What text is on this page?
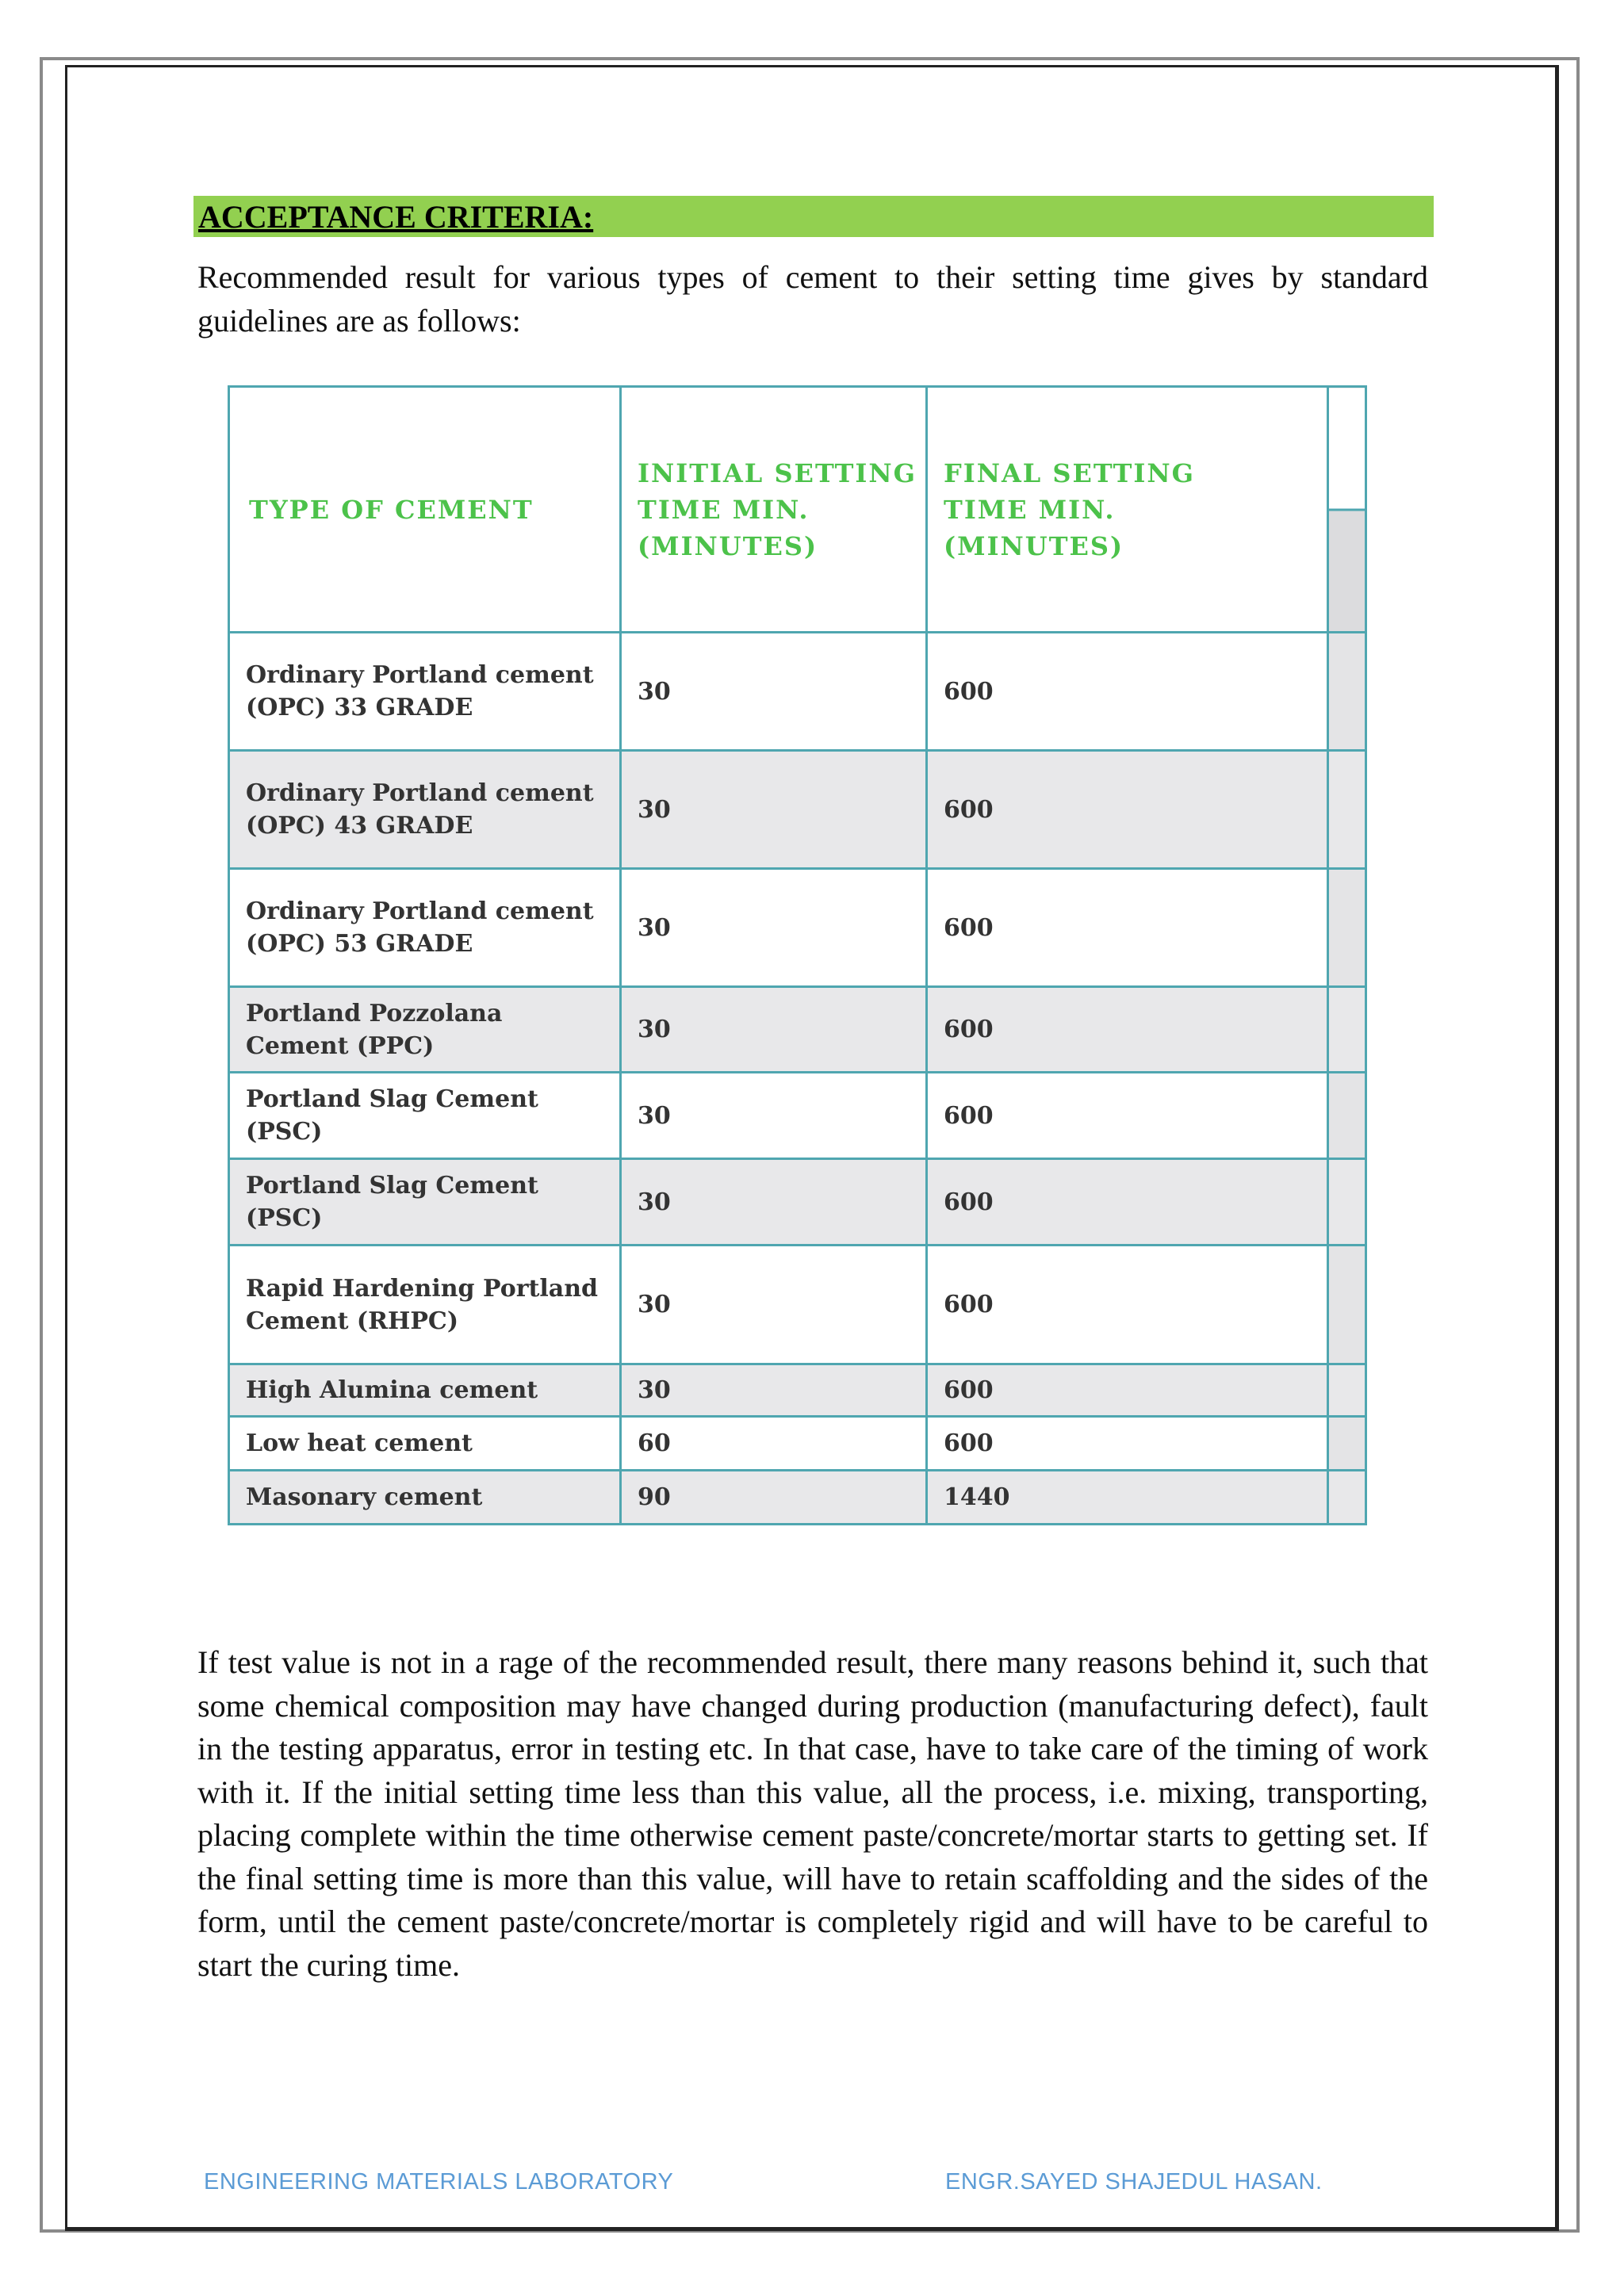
ACCEPTANCE CRITERIA:

Recommended result for various types of cement to their setting time gives by standard guidelines are as follows:

TYPE OF CEMENT	INITIAL SETTING TIME MIN. (MINUTES)	FINAL SETTING TIME MIN. (MINUTES)	
Ordinary Portland cement (OPC) 33 GRADE	30	600	
Ordinary Portland cement (OPC) 43 GRADE	30	600	
Ordinary Portland cement (OPC) 53 GRADE	30	600	
Portland Pozzolana Cement (PPC)	30	600	
Portland Slag Cement (PSC)	30	600	
Portland Slag Cement (PSC)	30	600	
Rapid Hardening Portland Cement (RHPC)	30	600	
High Alumina cement	30	600	
Low heat cement	60	600	
Masonary cement	90	1440	

If test value is not in a rage of the recommended result, there many reasons behind it, such that some chemical composition may have changed during production (manufacturing defect), fault in the testing apparatus, error in testing etc. In that case, have to take care of the timing of work with it. If the initial setting time less than this value, all the process, i.e. mixing, transporting, placing complete within the time otherwise cement paste/concrete/mortar starts to getting set. If the final setting time is more than this value, will have to retain scaffolding and the sides of the form, until the cement paste/concrete/mortar is completely rigid and will have to be careful to start the curing time.

ENGINEERING MATERIALS LABORATORY	ENGR.SAYED SHAJEDUL HASAN.
